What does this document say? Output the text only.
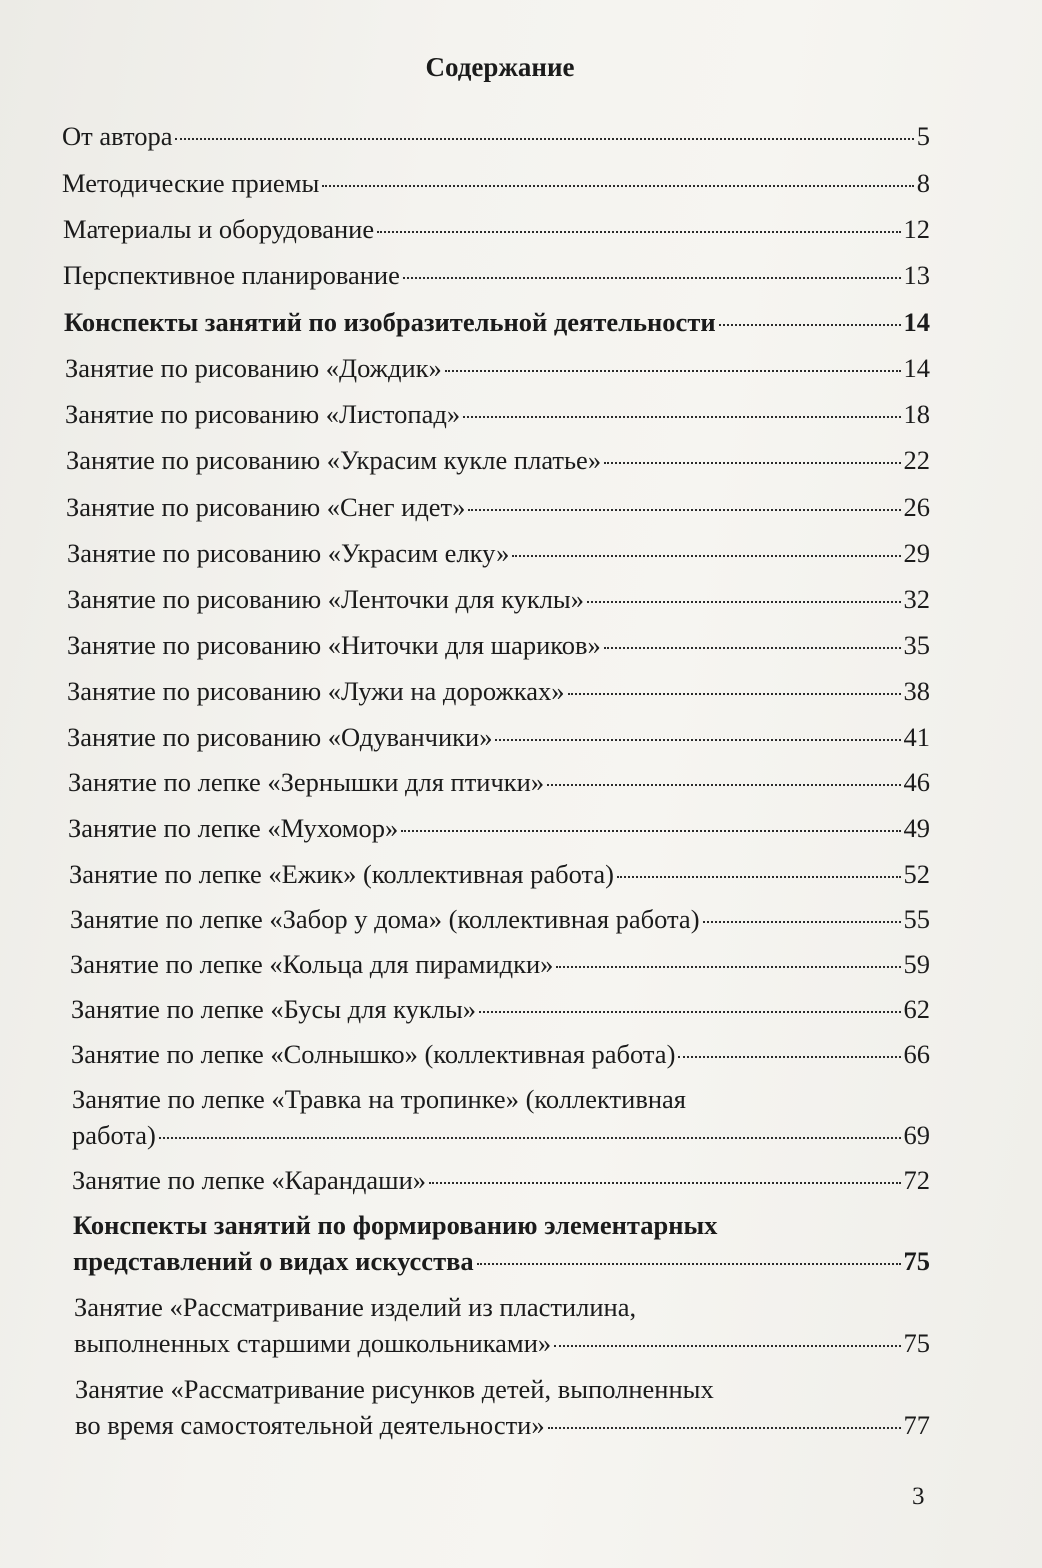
Содержание
От автора	5
Методические приемы	8
Материалы и оборудование	12
Перспективное планирование	13
Конспекты занятий по изобразительной деятельности	14
Занятие по рисованию «Дождик»	14
Занятие по рисованию «Листопад»	18
Занятие по рисованию «Украсим кукле платье»	22
Занятие по рисованию «Снег идет»	26
Занятие по рисованию «Украсим елку»	29
Занятие по рисованию «Ленточки для куклы»	32
Занятие по рисованию «Ниточки для шариков»	35
Занятие по рисованию «Лужи на дорожках»	38
Занятие по рисованию «Одуванчики»	41
Занятие по лепке «Зернышки для птички»	46
Занятие по лепке «Мухомор»	49
Занятие по лепке «Ежик» (коллективная работа)	52
Занятие по лепке «Забор у дома» (коллективная работа)	55
Занятие по лепке «Кольца для пирамидки»	59
Занятие по лепке «Бусы для куклы»	62
Занятие по лепке «Солнышко» (коллективная работа)	66
Занятие по лепке «Травка на тропинке» (коллективная
работа)	69
Занятие по лепке «Карандаши»	72
Конспекты занятий по формированию элементарных
представлений о видах искусства	75
Занятие «Рассматривание изделий из пластилина,
выполненных старшими дошкольниками»	75
Занятие «Рассматривание рисунков детей, выполненных
во время самостоятельной деятельности»	77
3
